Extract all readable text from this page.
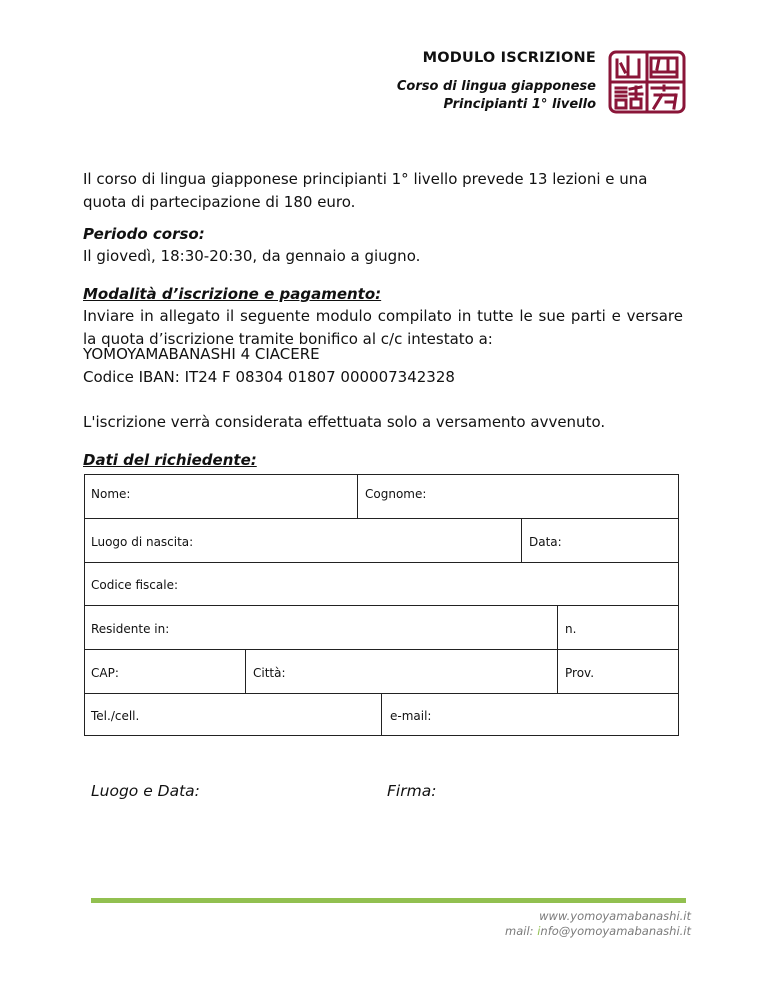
MODULO ISCRIZIONE
Corso di lingua giapponese
Principianti 1° livello

Il corso di lingua giapponese principianti 1° livello prevede 13 lezioni e una quota di partecipazione di 180 euro.

Periodo corso:

Il giovedì, 18:30-20:30, da gennaio a giugno.

Modalità d’iscrizione e pagamento:

Inviare in allegato il seguente modulo compilato in tutte le sue parti e versare la quota d’iscrizione tramite bonifico al c/c intestato a:

YOMOYAMABANASHI 4 CIACERE

Codice IBAN: IT24 F 08304 01807 000007342328

L'iscrizione verrà considerata effettuata solo a versamento avvenuto.

Dati del richiedente:

Nome:	Cognome:
Luogo di nascita:	Data:
Codice fiscale:
Residente in:	n.
CAP:	Città:	Prov.
Tel./cell.	e-mail:
Luogo e Data:	Firma:
www.yomoyamabanashi.it
mail: info@yomoyamabanashi.it
